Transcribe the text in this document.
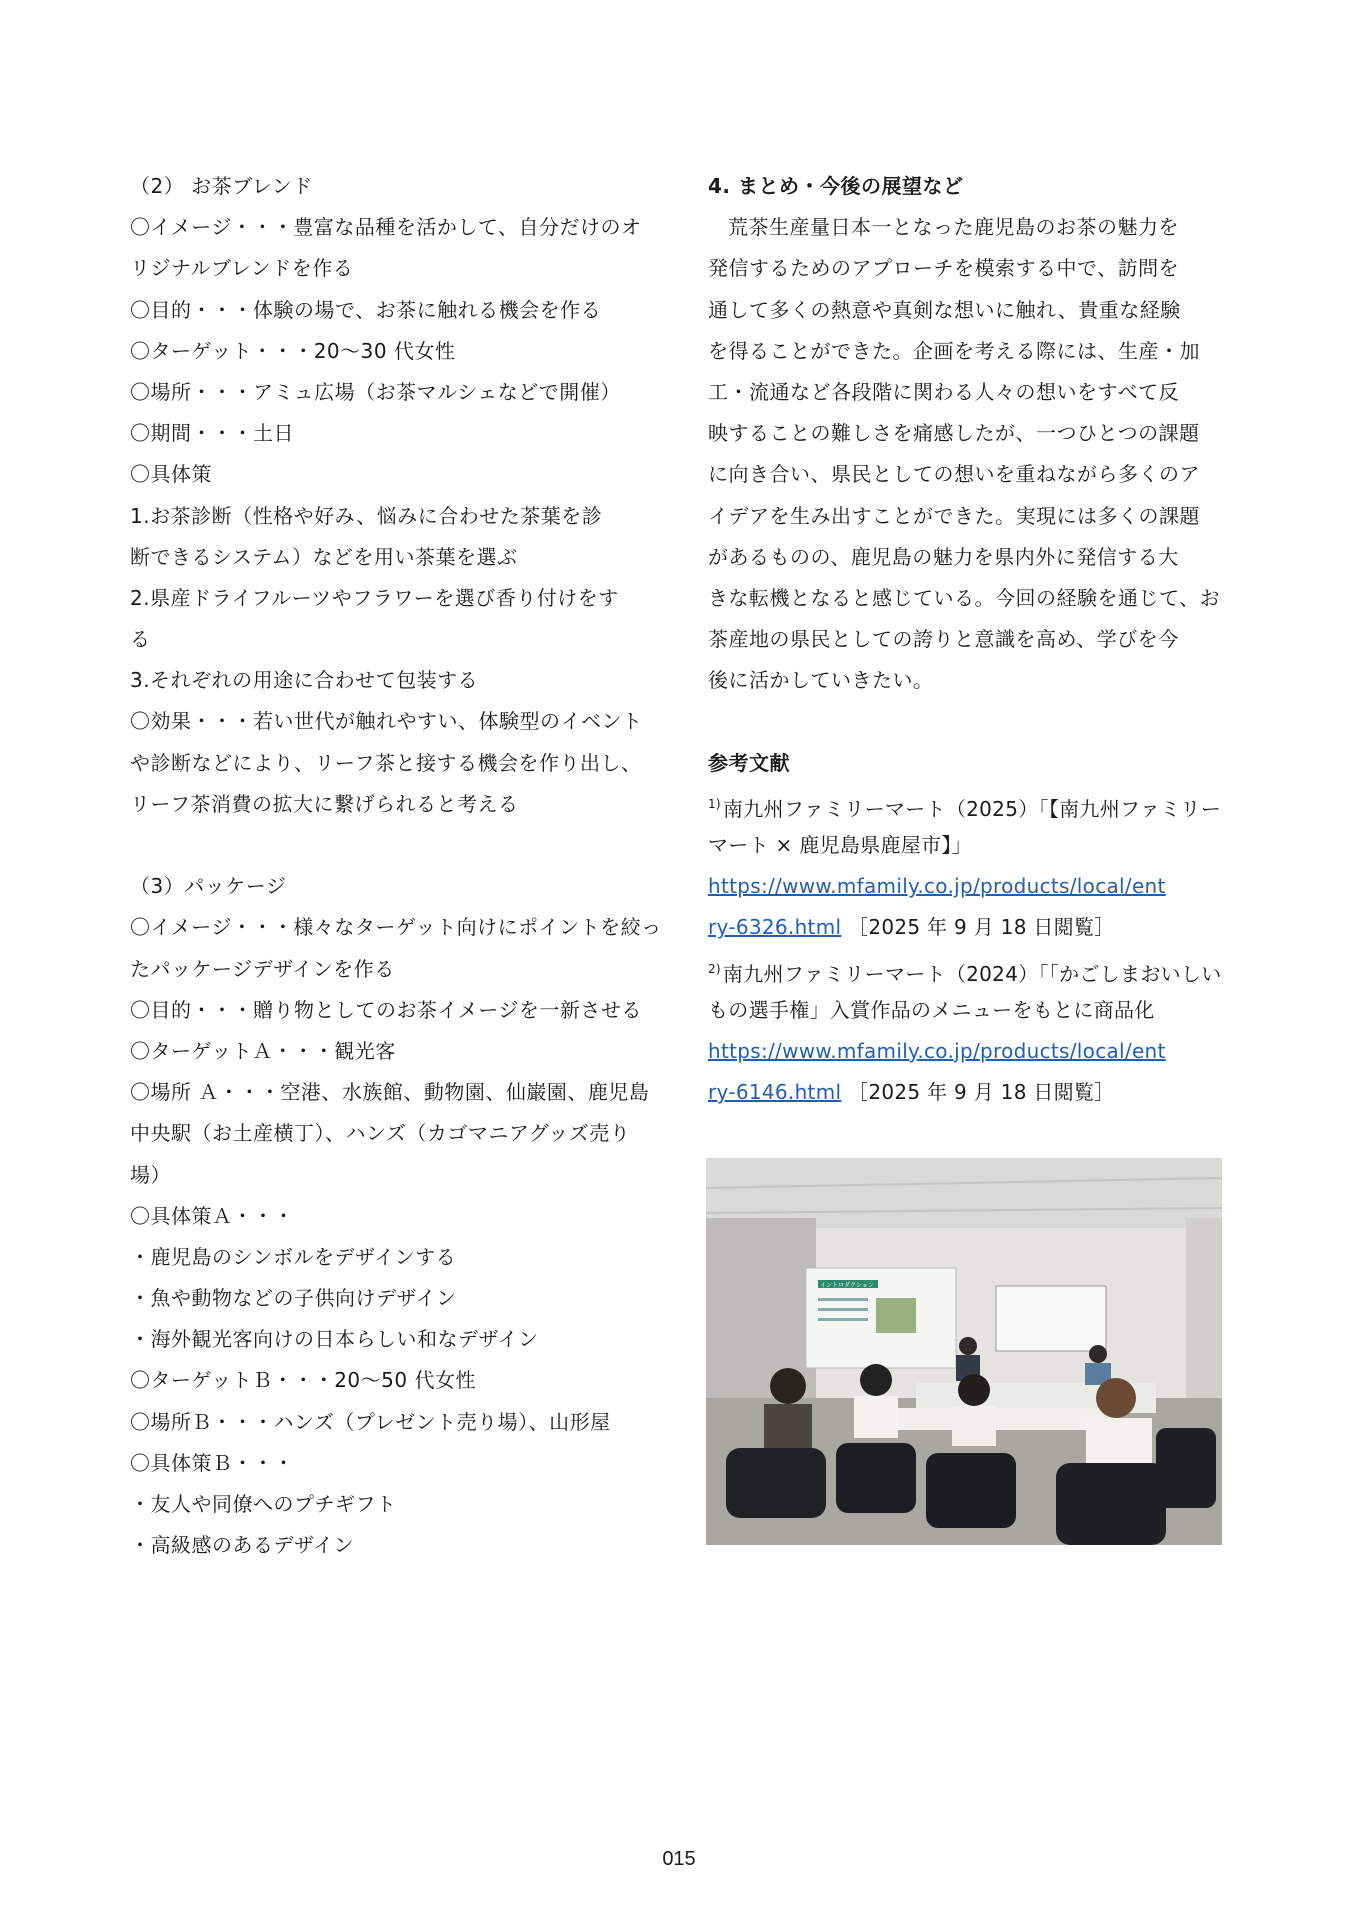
（2） お茶ブレンド
〇イメージ・・・豊富な品種を活かして、自分だけのオ
リジナルブレンドを作る
〇目的・・・体験の場で、お茶に触れる機会を作る
〇ターゲット・・・20～30 代女性
〇場所・・・アミュ広場（お茶マルシェなどで開催）
〇期間・・・土日
〇具体策
1.お茶診断（性格や好み、悩みに合わせた茶葉を診
断できるシステム）などを用い茶葉を選ぶ
2.県産ドライフルーツやフラワーを選び香り付けをす
る
3.それぞれの用途に合わせて包装する
〇効果・・・若い世代が触れやすい、体験型のイベント
や診断などにより、リーフ茶と接する機会を作り出し、
リーフ茶消費の拡大に繋げられると考える
（3）パッケージ
〇イメージ・・・様々なターゲット向けにポイントを絞っ
たパッケージデザインを作る
〇目的・・・贈り物としてのお茶イメージを一新させる
〇ターゲットＡ・・・観光客
〇場所 Ａ・・・空港、水族館、動物園、仙巌園、鹿児島
中央駅（お土産横丁）、ハンズ（カゴマニアグッズ売り
場）
〇具体策Ａ・・・
・鹿児島のシンボルをデザインする
・魚や動物などの子供向けデザイン
・海外観光客向けの日本らしい和なデザイン
〇ターゲットＢ・・・20～50 代女性
〇場所Ｂ・・・ハンズ（プレゼント売り場）、山形屋
〇具体策Ｂ・・・
・友人や同僚へのプチギフト
・高級感のあるデザイン
4. まとめ・今後の展望など
荒茶生産量日本一となった鹿児島のお茶の魅力を
発信するためのアプローチを模索する中で、訪問を
通して多くの熱意や真剣な想いに触れ、貴重な経験
を得ることができた。企画を考える際には、生産・加
工・流通など各段階に関わる人々の想いをすべて反
映することの難しさを痛感したが、一つひとつの課題
に向き合い、県民としての想いを重ねながら多くのア
イデアを生み出すことができた。実現には多くの課題
があるものの、鹿児島の魅力を県内外に発信する大
きな転機となると感じている。今回の経験を通じて、お
茶産地の県民としての誇りと意識を高め、学びを今
後に活かしていきたい。
参考文献
$^{1)}$ 南九州ファミリーマート（2025）「【南九州ファミリー
マート × 鹿児島県鹿屋市】」
https://www.mfamily.co.jp/products/local/ent
ry-6326.html ［2025 年 9 月 18 日閲覧］
$^{2)}$ 南九州ファミリーマート（2024）「「かごしまおいしい
もの選手権」入賞作品のメニューをもとに商品化
https://www.mfamily.co.jp/products/local/ent
ry-6146.html ［2025 年 9 月 18 日閲覧］
イントロダクション
015
